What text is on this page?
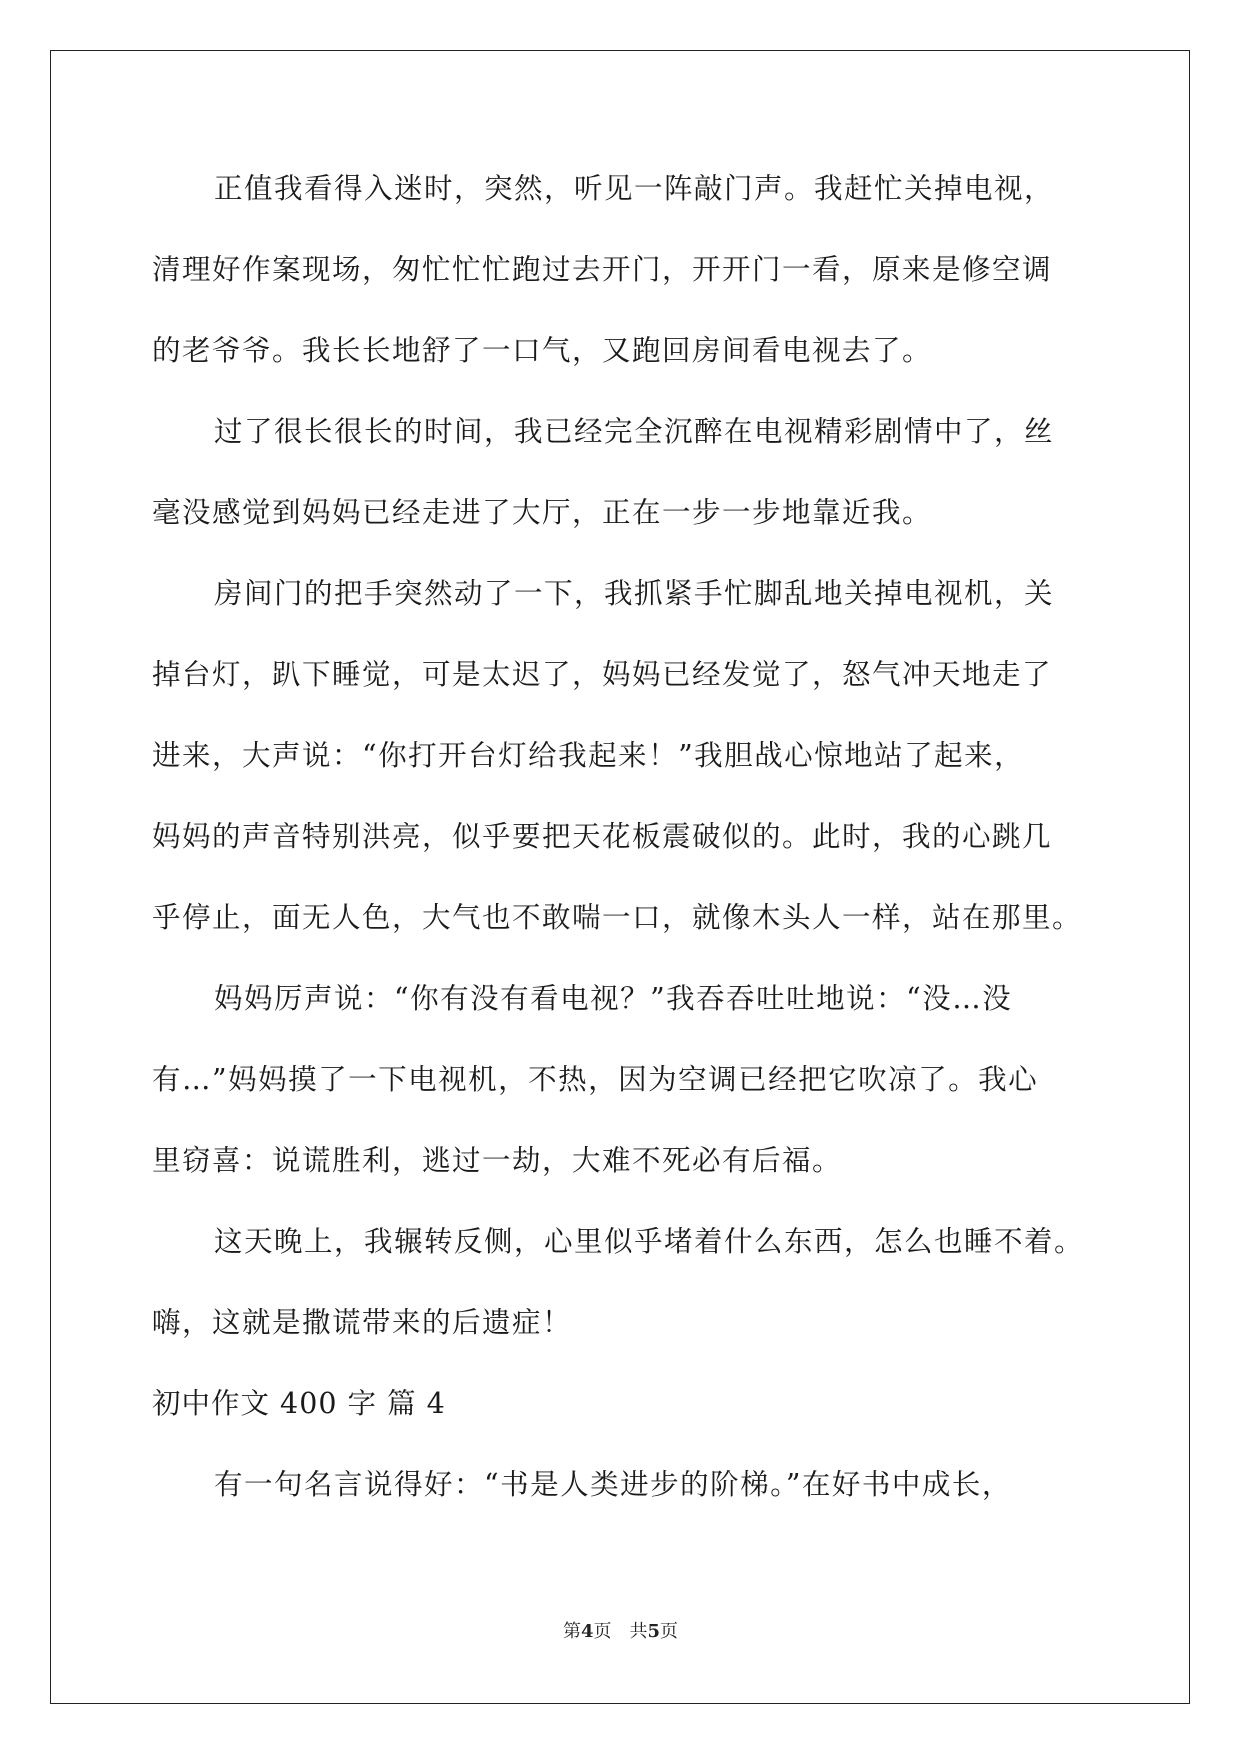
正值我看得入迷时，突然，听见一阵敲门声。我赶忙关掉电视，

清理好作案现场，匆忙忙忙跑过去开门，开开门一看，原来是修空调

的老爷爷。我长长地舒了一口气，又跑回房间看电视去了。

过了很长很长的时间，我已经完全沉醉在电视精彩剧情中了，丝

毫没感觉到妈妈已经走进了大厅，正在一步一步地靠近我。

房间门的把手突然动了一下，我抓紧手忙脚乱地关掉电视机，关

掉台灯，趴下睡觉，可是太迟了，妈妈已经发觉了，怒气冲天地走了

进来，大声说：“你打开台灯给我起来！”我胆战心惊地站了起来，

妈妈的声音特别洪亮，似乎要把天花板震破似的。此时，我的心跳几

乎停止，面无人色，大气也不敢喘一口，就像木头人一样，站在那里。

妈妈厉声说：“你有没有看电视？”我吞吞吐吐地说：“没…没

有…”妈妈摸了一下电视机，不热，因为空调已经把它吹凉了。我心

里窃喜：说谎胜利，逃过一劫，大难不死必有后福。

这天晚上，我辗转反侧，心里似乎堵着什么东西，怎么也睡不着。

嗨，这就是撒谎带来的后遗症！

初中作文 400 字 篇 4

有一句名言说得好：“书是人类进步的阶梯。”在好书中成长，

第4页 共5页
